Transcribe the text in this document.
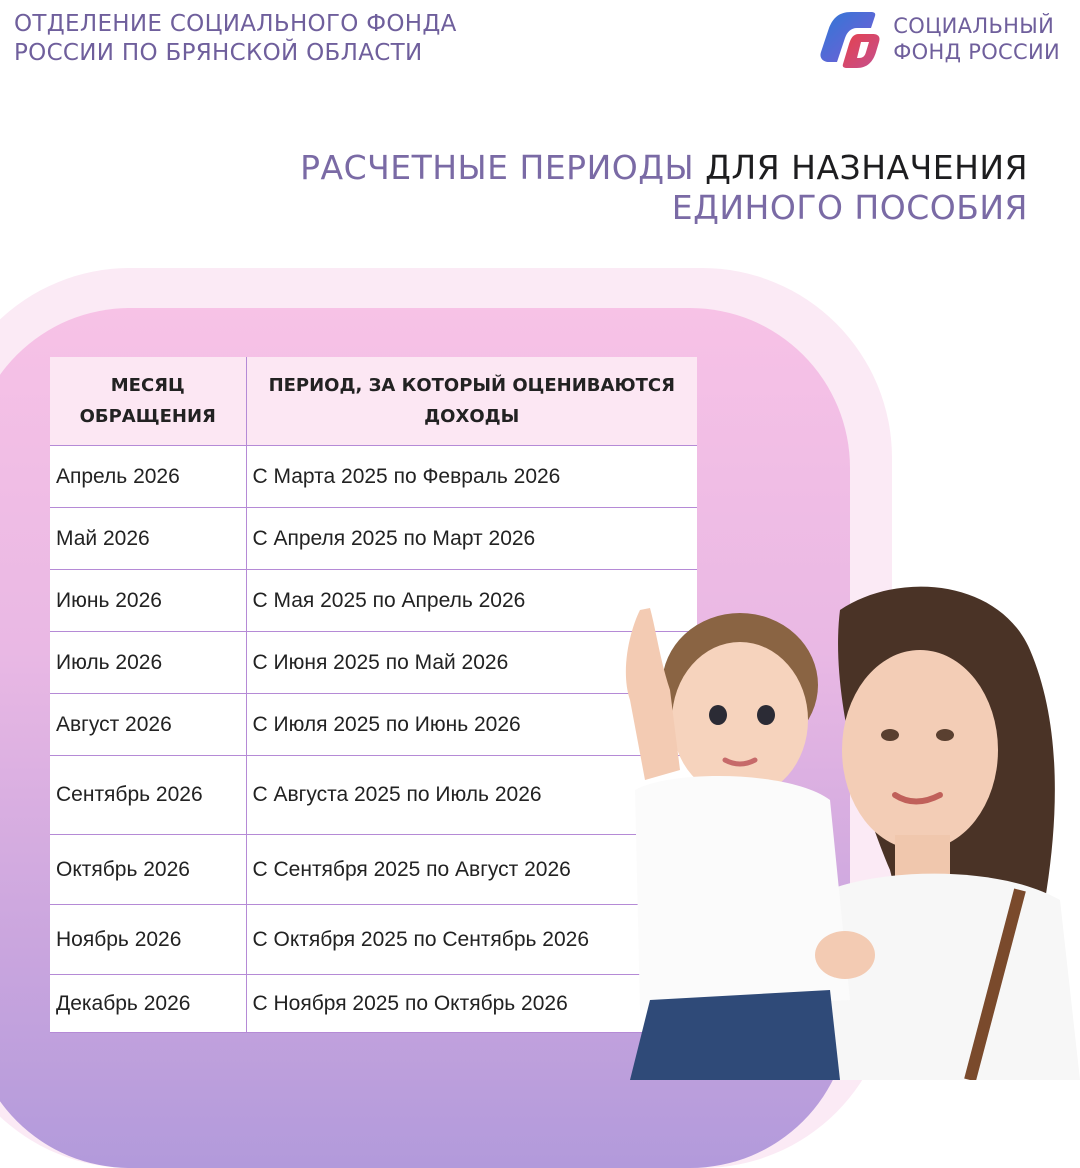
ОТДЕЛЕНИЕ СОЦИАЛЬНОГО ФОНДА
РОССИИ ПО БРЯНСКОЙ ОБЛАСТИ
СОЦИАЛЬНЫЙ
ФОНД РОССИИ
РАСЧЕТНЫЕ ПЕРИОДЫ ДЛЯ НАЗНАЧЕНИЯ
ЕДИНОГО ПОСОБИЯ
МЕСЯЦ ОБРАЩЕНИЯ	ПЕРИОД, ЗА КОТОРЫЙ ОЦЕНИВАЮТСЯ ДОХОДЫ
Апрель 2026	С Марта 2025 по Февраль 2026
Май 2026	С Апреля 2025 по Март 2026
Июнь 2026	С Мая 2025 по Апрель 2026
Июль 2026	С Июня 2025 по Май 2026
Август 2026	С Июля 2025 по Июнь 2026
Сентябрь 2026	С Августа 2025 по Июль 2026
Октябрь 2026	С Сентября 2025 по Август 2026
Ноябрь 2026	С Октября 2025 по Сентябрь 2026
Декабрь 2026	С Ноября 2025 по Октябрь 2026
